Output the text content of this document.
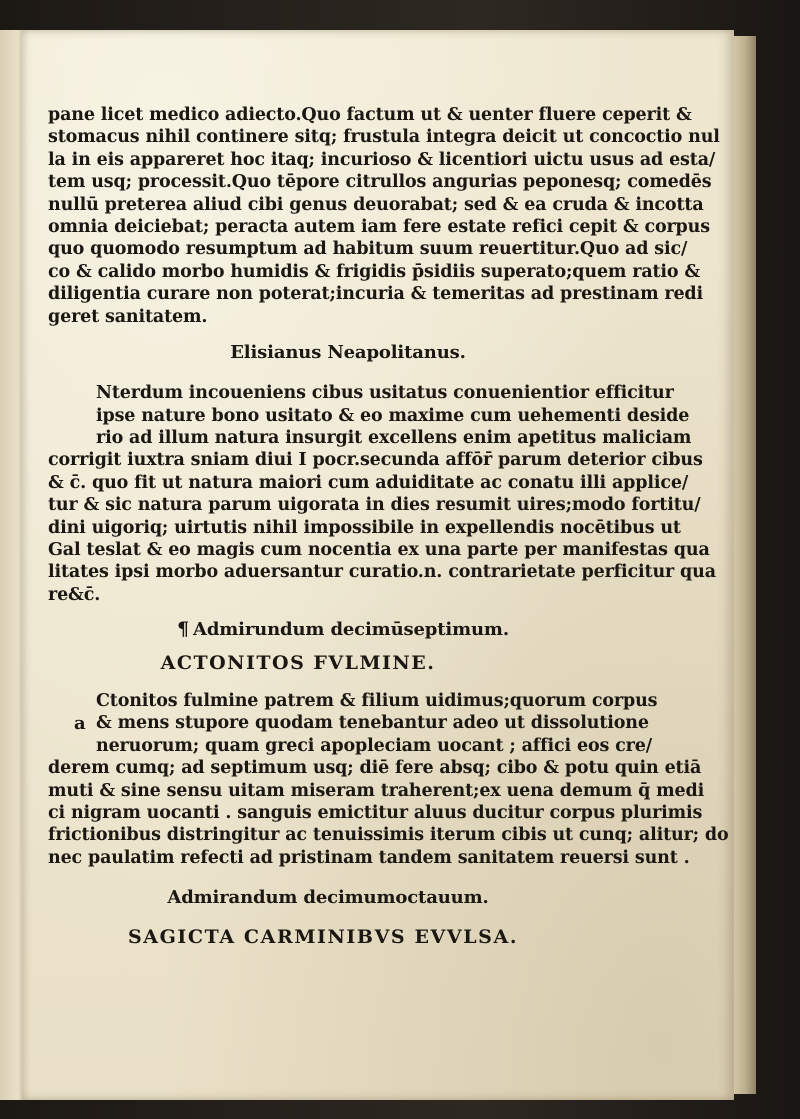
pane licet medico adiecto.Quo factum ut & uenter fluere ceperit &
stomacus nihil continere sitq; frustula integra deicit ut concoctio nul
la in eis appareret hoc itaq; incurioso & licentiori uictu usus ad esta/
tem usq; processit.Quo tēpore citrullos angurias peponesq; comedēs
nullū preterea aliud cibi genus deuorabat; sed & ea cruda & incotta
omnia deiciebat; peracta autem iam fere estate refici cepit & corpus
quo quomodo resumptum ad habitum suum reuertitur.Quo ad sic/
co & calido morbo humidis & frigidis p̄sidiis superato;quem ratio &
diligentia curare non poterat;incuria & temeritas ad prestinam redi
geret sanitatem.
Elisianus Neapolitanus.
Nterdum incoueniens cibus usitatus conuenientior efficitur
ipse nature bono usitato & eo maxime cum uehementi deside
rio ad illum natura insurgit excellens enim apetitus maliciam
corrigit iuxtra sniam diui I pocr.secunda affōr̄ parum deterior cibus
& c̄. quo fit ut natura maiori cum aduiditate ac conatu illi applice/
tur & sic natura parum uigorata in dies resumit uires;modo fortitu/
dini uigoriq; uirtutis nihil impossibile in expellendis nocētibus ut
Gal teslat & eo magis cum nocentia ex una parte per manifestas qua
litates ipsi morbo aduersantur curatio.n. contrarietate perficitur qua
re&c̄.
¶ Admirundum decimūseptimum.
ACTONITOS FVLMINE.
Ctonitos fulmine patrem & filium uidimus;quorum corpus
& mens stupore quodam tenebantur adeo ut dissolutione
neruorum; quam greci apopleciam uocant ; affici eos cre/
derem cumq; ad septimum usq; diē fere absq; cibo & potu quin etiā
muti & sine sensu uitam miseram traherent;ex uena demum q̄ medi
ci nigram uocanti . sanguis emictitur aluus ducitur corpus plurimis
frictionibus distringitur ac tenuissimis iterum cibis ut cunq; alitur; do
nec paulatim refecti ad pristinam tandem sanitatem reuersi sunt .
Admirandum decimumoctauum.
SAGICTA CARMINIBVS EVVLSA.
a
